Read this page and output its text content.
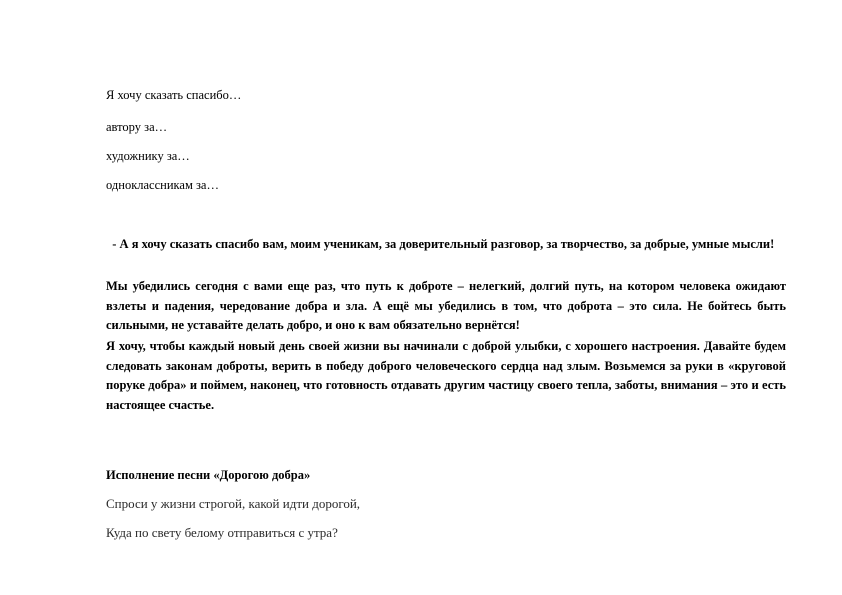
Я хочу сказать спасибо…
автору за…
художнику за…
одноклассникам за…
- А я хочу сказать спасибо вам, моим ученикам, за доверительный разговор, за творчество, за добрые, умные мысли!
Мы убедились сегодня с вами еще раз, что путь к доброте – нелегкий, долгий путь, на котором человека ожидают взлеты и падения, чередование добра и зла. А ещё мы убедились в том, что доброта – это сила. Не бойтесь быть сильными, не уставайте делать добро, и оно к вам обязательно вернётся!
Я хочу, чтобы каждый новый день своей жизни вы начинали с доброй улыбки, с хорошего настроения. Давайте будем следовать законам доброты, верить в победу доброго человеческого сердца над злым. Возьмемся за руки в «круговой поруке добра» и поймем, наконец, что готовность отдавать другим частицу своего тепла, заботы, внимания – это и есть настоящее счастье.
Исполнение песни «Дорогою добра»
Спроси у жизни строгой, какой идти дорогой,
Куда по свету белому отправиться с утра?
